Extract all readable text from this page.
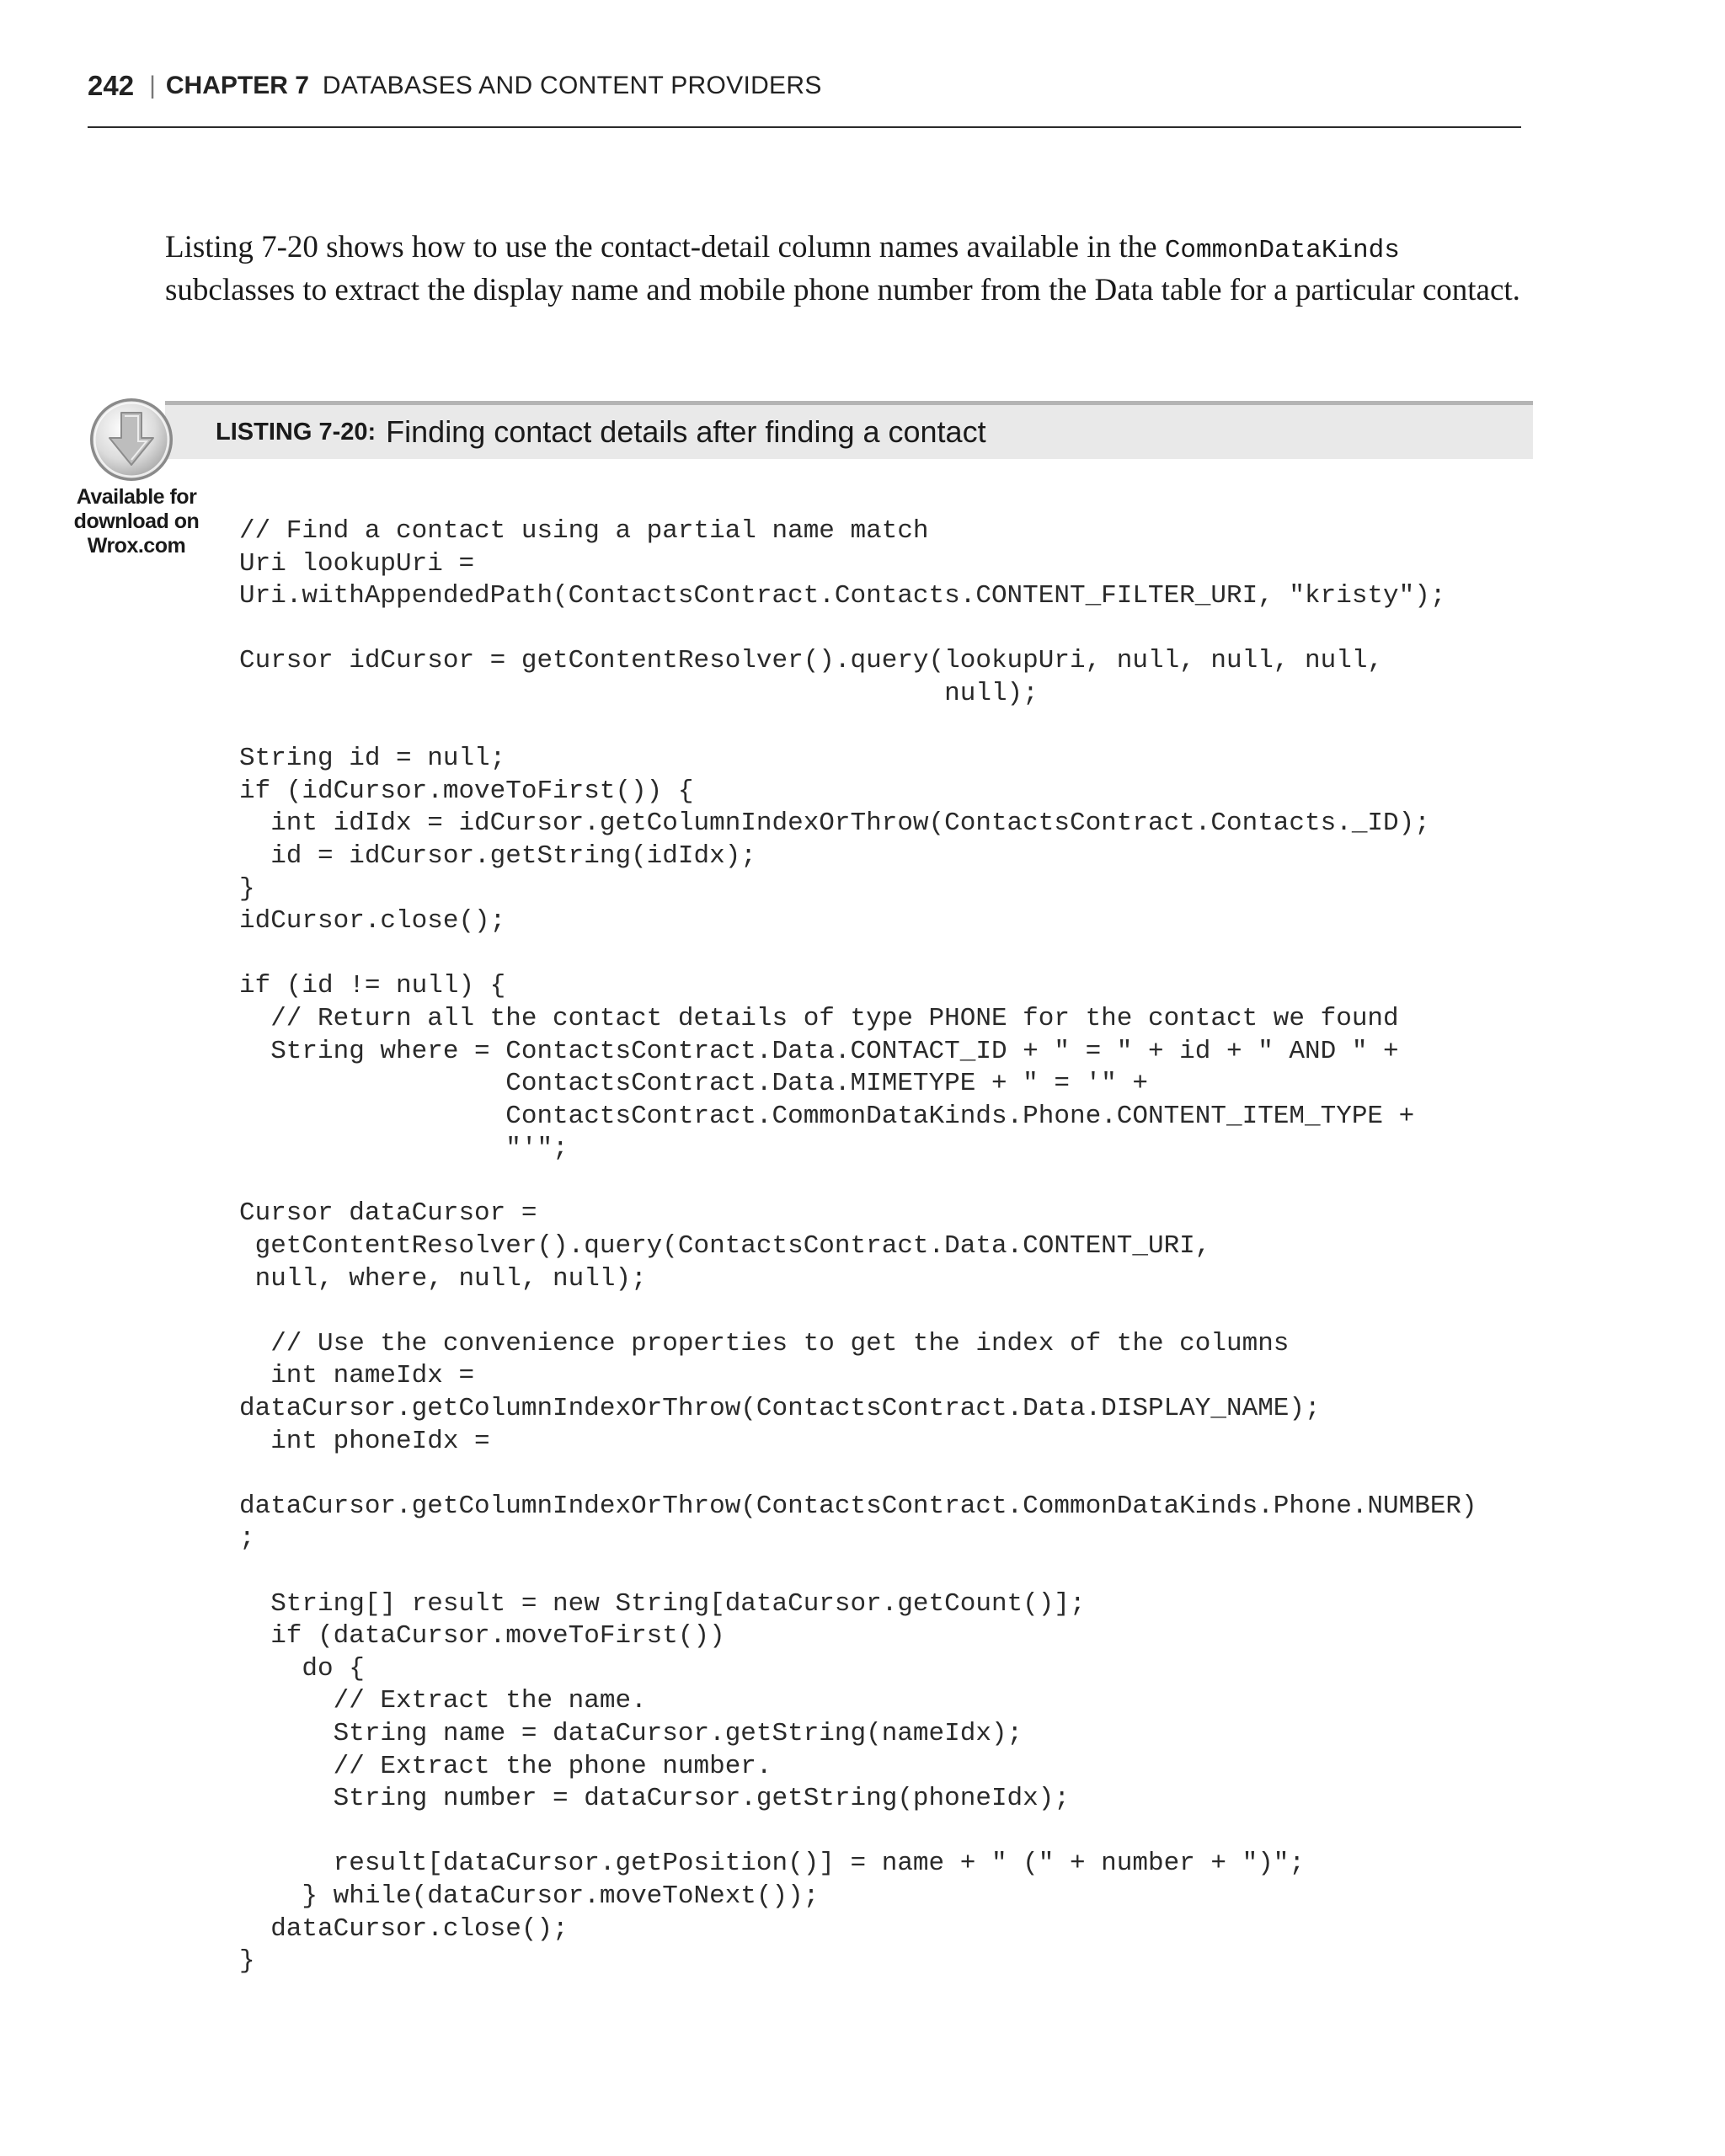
242 | CHAPTER 7 DATABASES AND CONTENT PROVIDERS

Listing 7-20 shows how to use the contact-detail column names available in the CommonDataKinds subclasses to extract the display name and mobile phone number from the Data table for a particular contact.

LISTING 7-20: Finding contact details after finding a contact
Available for
download on
Wrox.com	// Find a contact using a partial name match
Uri lookupUri =
Uri.withAppendedPath(ContactsContract.Contacts.CONTENT_FILTER_URI, "kristy");
Cursor idCursor = getContentResolver().query(lookupUri, null, null, null,
null);
String id = null;
if (idCursor.moveToFirst()) {
int idIdx = idCursor.getColumnIndexOrThrow(ContactsContract.Contacts._ID);
id = idCursor.getString(idIdx);
}
idCursor.close();
if (id != null) {
// Return all the contact details of type PHONE for the contact we found
String where = ContactsContract.Data.CONTACT_ID + " = " + id + " AND " +
ContactsContract.Data.MIMETYPE + " = '" +
ContactsContract.CommonDataKinds.Phone.CONTENT_ITEM_TYPE +
"'";
Cursor dataCursor =
getContentResolver().query(ContactsContract.Data.CONTENT_URI,
null, where, null, null);
// Use the convenience properties to get the index of the columns
int nameIdx =
dataCursor.getColumnIndexOrThrow(ContactsContract.Data.DISPLAY_NAME);
int phoneIdx =
dataCursor.getColumnIndexOrThrow(ContactsContract.CommonDataKinds.Phone.NUMBER)
;
String[] result = new String[dataCursor.getCount()];
if (dataCursor.moveToFirst())
do {
// Extract the name.
String name = dataCursor.getString(nameIdx);
// Extract the phone number.
String number = dataCursor.getString(phoneIdx);
result[dataCursor.getPosition()] = name + " (" + number + ")";
} while(dataCursor.moveToNext());
dataCursor.close();
}
